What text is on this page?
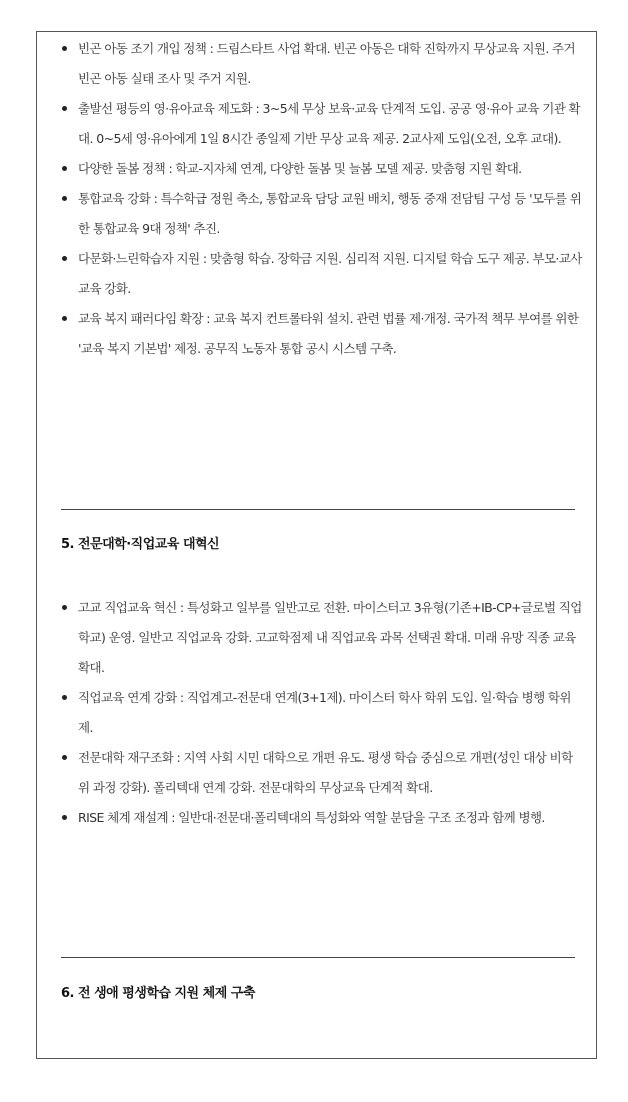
빈곤 아동 조기 개입 정책 : 드림스타트 사업 확대. 빈곤 아동은 대학 진학까지 무상교육 지원. 주거 빈곤 아동 실태 조사 및 주거 지원.
출발선 평등의 영·유아교육 제도화 : 3~5세 무상 보육·교육 단계적 도입. 공공 영·유아 교육 기관 확대. 0~5세 영·유아에게 1일 8시간 종일제 기반 무상 교육 제공. 2교사제 도입(오전, 오후 교대).
다양한 돌봄 정책 : 학교-지자체 연계, 다양한 돌봄 및 늘봄 모델 제공. 맞춤형 지원 확대.
통합교육 강화 : 특수학급 정원 축소, 통합교육 담당 교원 배치, 행동 중재 전담팀 구성 등 '모두를 위한 통합교육 9대 정책' 추진.
다문화·느린학습자 지원 : 맞춤형 학습. 장학금 지원. 심리적 지원. 디지털 학습 도구 제공. 부모·교사 교육 강화.
교육 복지 패러다임 확장 : 교육 복지 컨트롤타워 설치. 관련 법률 제·개정. 국가적 책무 부여를 위한 '교육 복지 기본법' 제정. 공무직 노동자 통합 공시 시스템 구축.
5. 전문대학·직업교육 대혁신
고교 직업교육 혁신 : 특성화고 일부를 일반고로 전환. 마이스터고 3유형(기존+IB-CP+글로벌 직업학교) 운영. 일반고 직업교육 강화. 고교학점제 내 직업교육 과목 선택권 확대. 미래 유망 직종 교육 확대.
직업교육 연계 강화 : 직업계고-전문대 연계(3+1제). 마이스터 학사 학위 도입. 일·학습 병행 학위제.
전문대학 재구조화 : 지역 사회 시민 대학으로 개편 유도. 평생 학습 중심으로 개편(성인 대상 비학위 과정 강화). 폴리텍대 연계 강화. 전문대학의 무상교육 단계적 확대.
RISE 체계 재설계 : 일반대·전문대·폴리텍대의 특성화와 역할 분담을 구조 조정과 함께 병행.
6. 전 생애 평생학습 지원 체제 구축
